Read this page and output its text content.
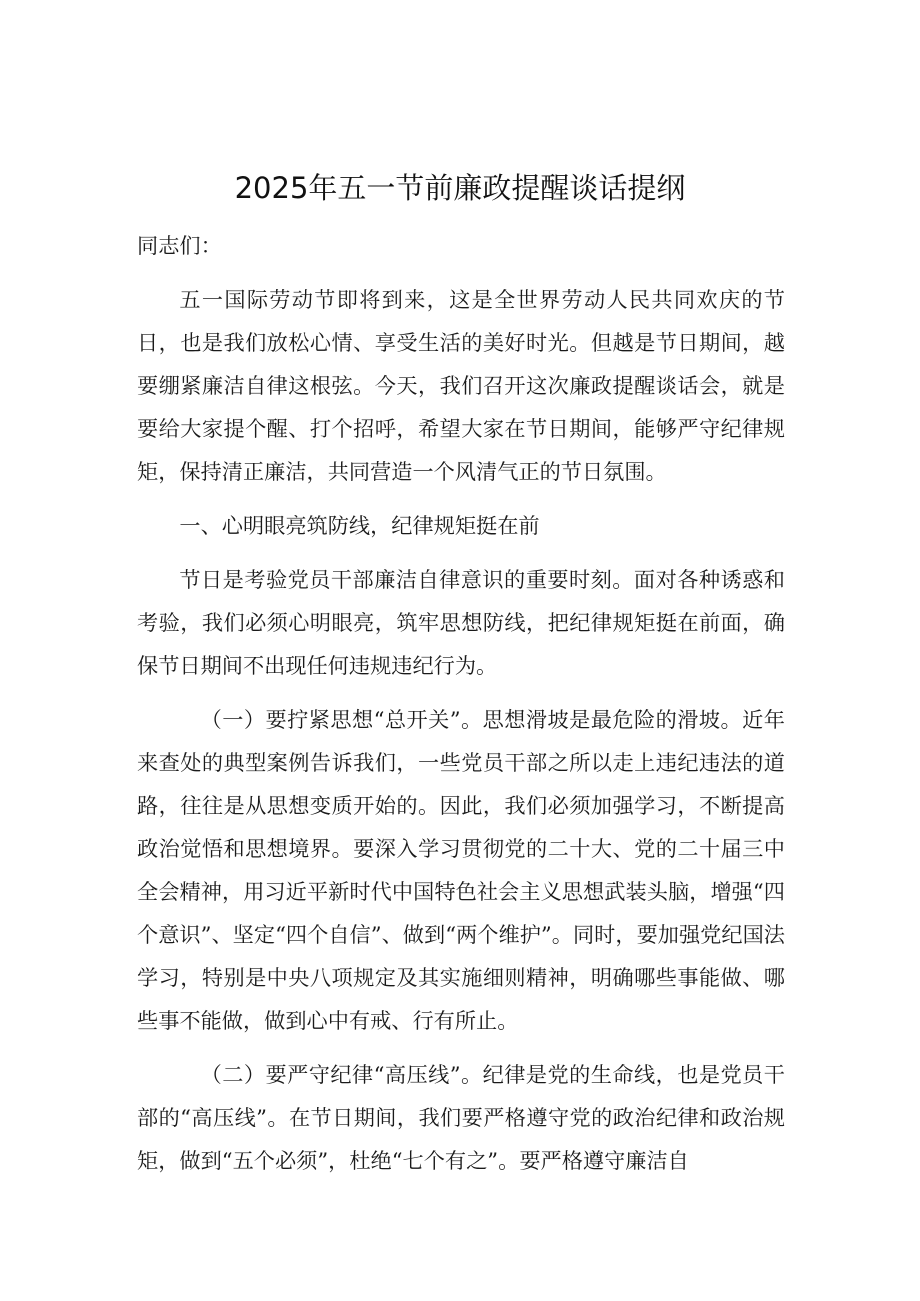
2025年五一节前廉政提醒谈话提纲

同志们：

五一国际劳动节即将到来，这是全世界劳动人民共同欢庆的节日，也是我们放松心情、享受生活的美好时光。但越是节日期间，越要绷紧廉洁自律这根弦。今天，我们召开这次廉政提醒谈话会，就是要给大家提个醒、打个招呼，希望大家在节日期间，能够严守纪律规矩，保持清正廉洁，共同营造一个风清气正的节日氛围。

一、心明眼亮筑防线，纪律规矩挺在前

节日是考验党员干部廉洁自律意识的重要时刻。面对各种诱惑和考验，我们必须心明眼亮，筑牢思想防线，把纪律规矩挺在前面，确保节日期间不出现任何违规违纪行为。

（一）要拧紧思想“总开关”。思想滑坡是最危险的滑坡。近年来查处的典型案例告诉我们，一些党员干部之所以走上违纪违法的道路，往往是从思想变质开始的。因此，我们必须加强学习，不断提高政治觉悟和思想境界。要深入学习贯彻党的二十大、党的二十届三中全会精神，用习近平新时代中国特色社会主义思想武装头脑，增强“四个意识”、坚定“四个自信”、做到“两个维护”。同时，要加强党纪国法学习，特别是中央八项规定及其实施细则精神，明确哪些事能做、哪些事不能做，做到心中有戒、行有所止。

（二）要严守纪律“高压线”。纪律是党的生命线，也是党员干部的“高压线”。在节日期间，我们要严格遵守党的政治纪律和政治规矩，做到“五个必须”，杜绝“七个有之”。要严格遵守廉洁自
